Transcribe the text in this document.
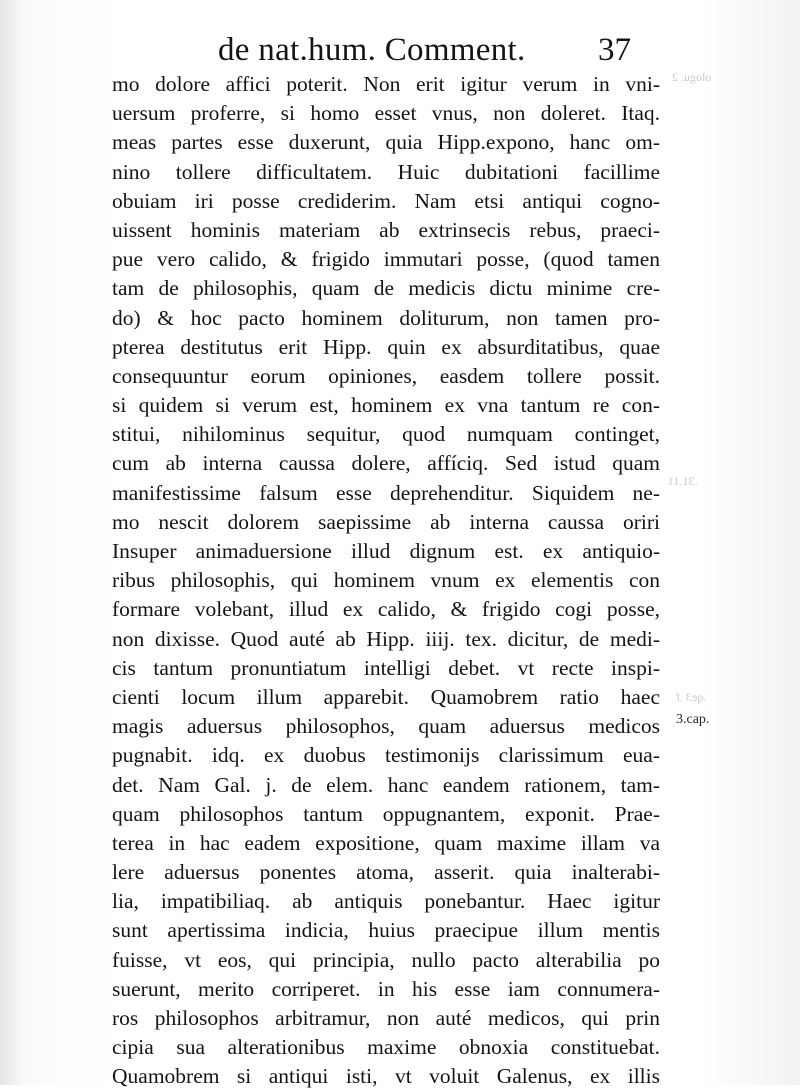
ologu. 2
.31.11
.qe3 .f
de nat.hum. Comment. 37
mo dolore affici poterit. Non erit igitur verum in vni-
uersum proferre, si homo esset vnus, non doleret. Itaq.
meas partes esse duxerunt, quia Hipp.expono, hanc om-
nino tollere difficultatem. Huic dubitationi facillime
obuiam iri posse crediderim. Nam etsi antiqui cogno-
uissent hominis materiam ab extrinsecis rebus, praeci-
pue vero calido, & frigido immutari posse, (quod tamen
tam de philosophis, quam de medicis dictu minime cre-
do) & hoc pacto hominem doliturum, non tamen pro-
pterea destitutus erit Hipp. quin ex absurditatibus, quae
consequuntur eorum opiniones, easdem tollere possit.
si quidem si verum est, hominem ex vna tantum re con-
stitui, nihilominus sequitur, quod numquam continget,
cum ab interna caussa dolere, affíciq. Sed istud quam
manifestissime falsum esse deprehenditur. Siquidem ne-
mo nescit dolorem saepissime ab interna caussa oriri
Insuper animaduersione illud dignum est. ex antiquio-
ribus philosophis, qui hominem vnum ex elementis con
formare volebant, illud ex calido, & frigido cogi posse,
non dixisse. Quod auté ab Hipp. iiij. tex. dicitur, de medi-
cis tantum pronuntiatum intelligi debet. vt recte inspi-
cienti locum illum apparebit. Quamobrem ratio haec
magis aduersus philosophos, quam aduersus medicos
pugnabit. idq. ex duobus testimonijs clarissimum eua-
det. Nam Gal. j. de elem. hanc eandem rationem, tam-
quam philosophos tantum oppugnantem, exponit. Prae-
terea in hac eadem expositione, quam maxime illam va
lere aduersus ponentes atoma, asserit. quia inalterabi-
lia, impatibiliaq. ab antiquis ponebantur. Haec igitur
sunt apertissima indicia, huius praecipue illum mentis
fuisse, vt eos, qui principia, nullo pacto alterabilia po
suerunt, merito corriperet. in his esse iam connumera-
ros philosophos arbitramur, non auté medicos, qui prin
cipia sua alterationibus maxime obnoxia constituebat.
Quamobrem si antiqui isti, vt voluit Galenus, ex illis
3.cap.
